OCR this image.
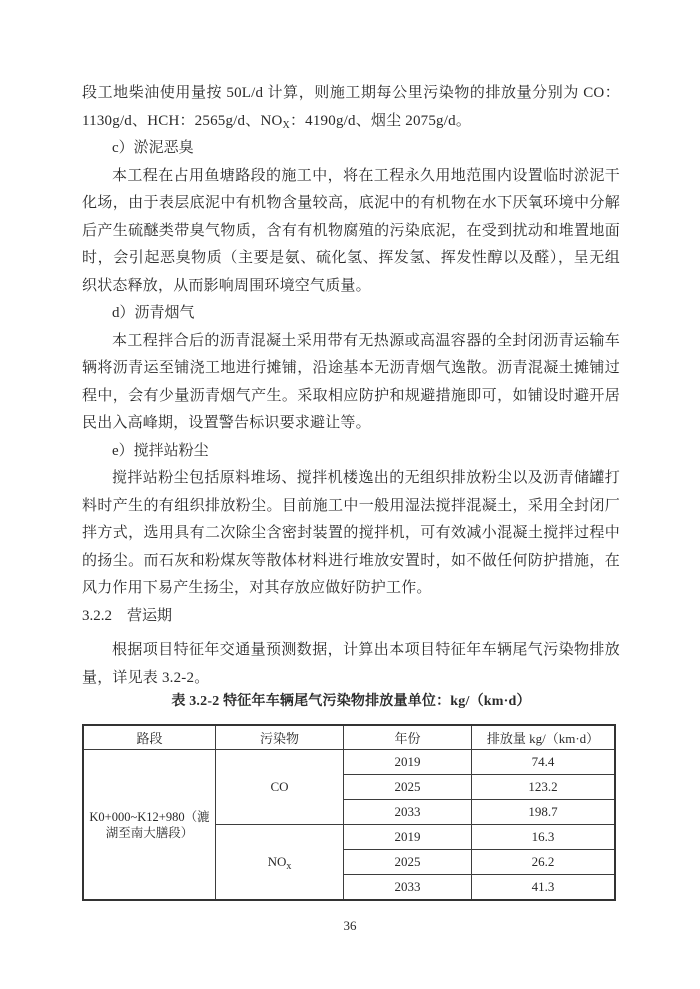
段工地柴油使用量按 50L/d 计算，则施工期每公里污染物的排放量分别为 CO：1130g/d、HCH：2565g/d、$NO_X$：4190g/d、烟尘 2075g/d。

c）淤泥恶臭

本工程在占用鱼塘路段的施工中，将在工程永久用地范围内设置临时淤泥干化场，由于表层底泥中有机物含量较高，底泥中的有机物在水下厌氧环境中分解后产生硫醚类带臭气物质，含有有机物腐殖的污染底泥，在受到扰动和堆置地面时，会引起恶臭物质（主要是氨、硫化氢、挥发氢、挥发性醇以及醛），呈无组织状态释放，从而影响周围环境空气质量。

d）沥青烟气

本工程拌合后的沥青混凝土采用带有无热源或高温容器的全封闭沥青运输车辆将沥青运至铺浇工地进行摊铺，沿途基本无沥青烟气逸散。沥青混凝土摊铺过程中，会有少量沥青烟气产生。采取相应防护和规避措施即可，如铺设时避开居民出入高峰期，设置警告标识要求避让等。

e）搅拌站粉尘

搅拌站粉尘包括原料堆场、搅拌机楼逸出的无组织排放粉尘以及沥青储罐打料时产生的有组织排放粉尘。目前施工中一般用湿法搅拌混凝土，采用全封闭厂拌方式，选用具有二次除尘含密封装置的搅拌机，可有效减小混凝土搅拌过程中的扬尘。而石灰和粉煤灰等散体材料进行堆放安置时，如不做任何防护措施，在风力作用下易产生扬尘，对其存放应做好防护工作。

3.2.2　营运期

根据项目特征年交通量预测数据，计算出本项目特征年车辆尾气污染物排放量，详见表 3.2-2。

表 3.2-2 特征年车辆尾气污染物排放量单位：kg/（km·d）

路段	污染物	年份	排放量 kg/（km·d）
K0+000~K12+980（漉湖至南大膳段）	CO	2019	74.4
		2025	123.2
		2033	198.7
	$NO_x$	2019	16.3
		2025	26.2
		2033	41.3
36
